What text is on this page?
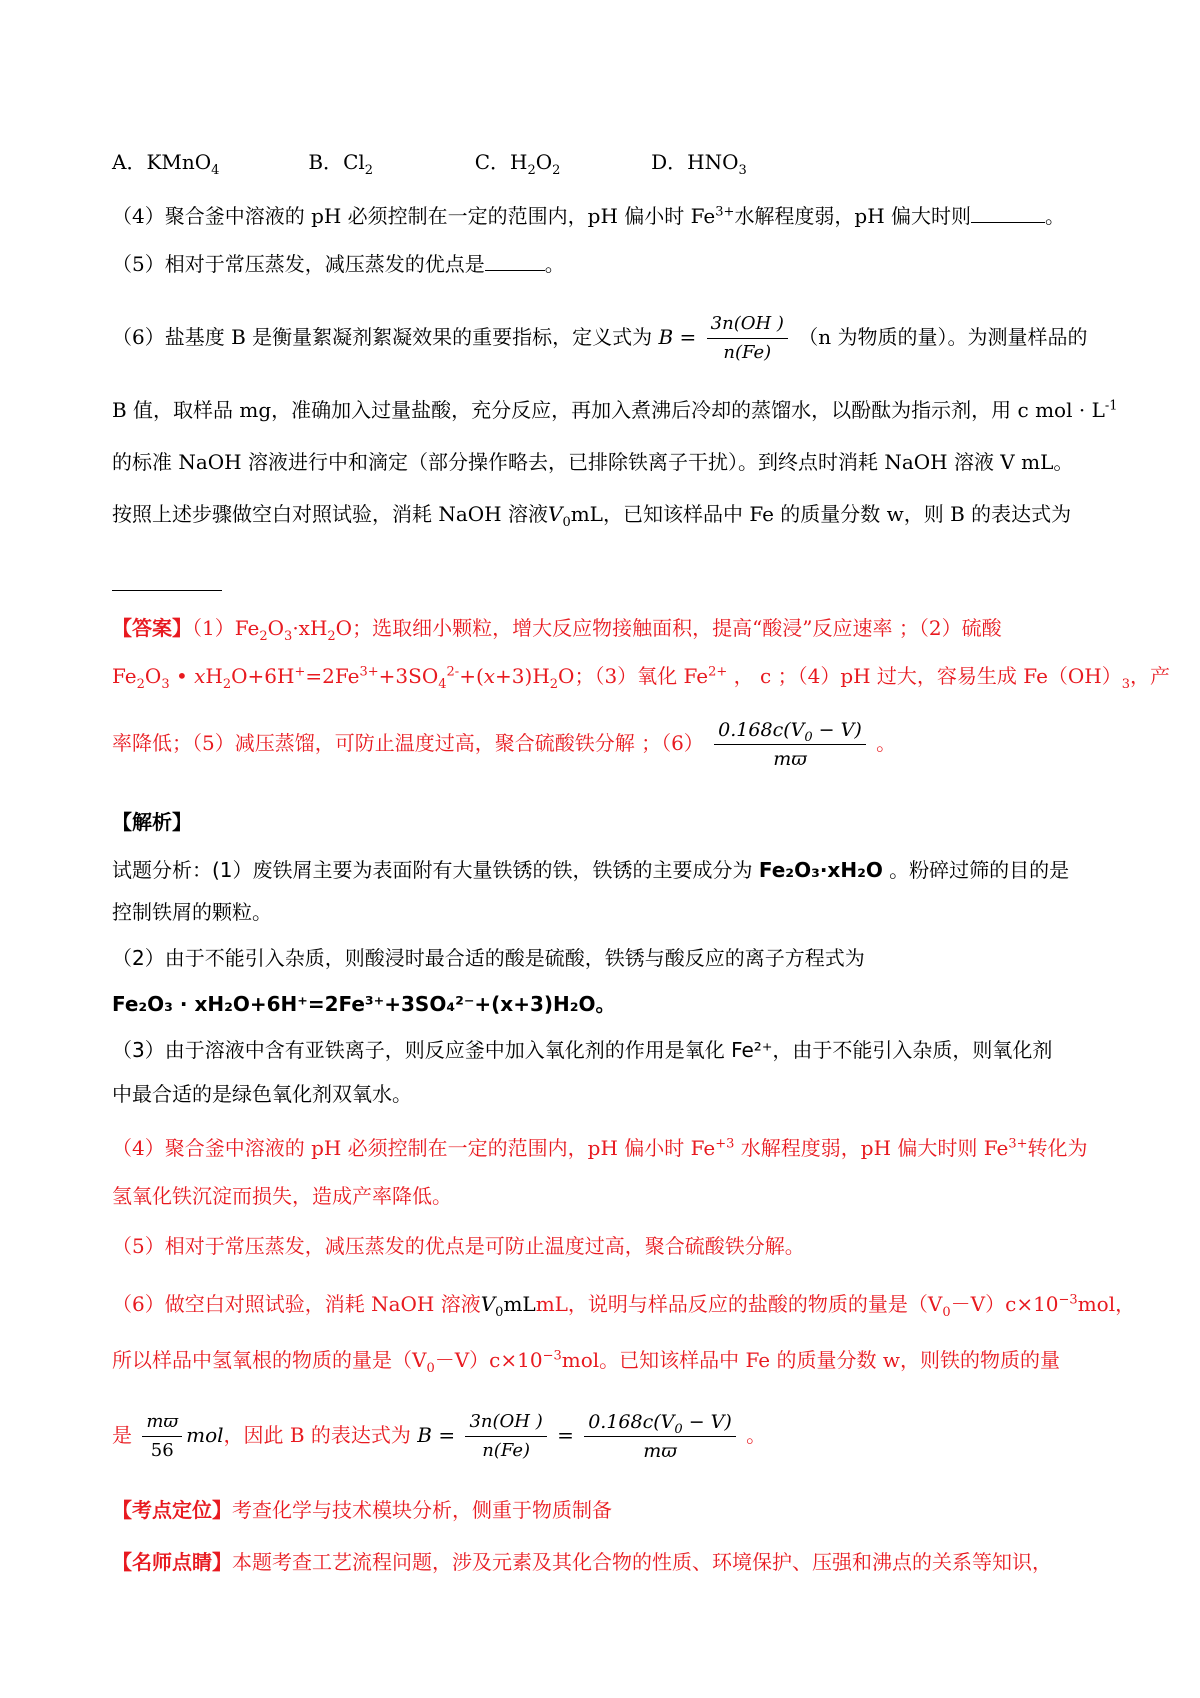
A．KMnO$_4$	B．$Cl_2$	C．$H_2O_2$	D．$HNO_3$
（4）聚合釜中溶液的 pH 必须控制在一定的范围内，pH 偏小时 $Fe^{3+}$水解程度弱，pH 偏大时则	。
（5）相对于常压蒸发，减压蒸发的优点是	。
（6）盐基度 B 是衡量絮凝剂絮凝效果的重要指标，定义式为 $B = \frac{3n(OH )}{n(Fe)} (n$ 为物质的量）。为测量样品的
B 值，取样品 mg，准确加入过量盐酸，充分反应，再加入煮沸后冷却的蒸馏水，以酚酞为指示剂，用 c mol · $L^{-1}$
的标准 NaOH 溶液进行中和滴定（部分操作略去，已排除铁离子干扰）。到终点时消耗 NaOH 溶液 V mL。
按照上述步骤做空白对照试验，消耗 NaOH 溶液$V_0mL$，已知该样品中 Fe 的质量分数 w，则 B 的表达式为
【答案】$(1)Fe_2O_3\cdot xH_2O$；选取细小颗粒，增大反应物接触面积，提高“酸浸”反应速率 ；（2）硫酸
$Fe_2O_3$ • $xH_2O+6H^+=2Fe^{3+}+3SO_4^{2-}+(x+3)H_2O$；（3）氧化 $Fe^{2+}$ ， c ；（4）pH 过大，容易生成 $Fe(OH)_3$，产
率降低；（5）减压蒸馏，可防止温度过高，聚合硫酸铁分解 ；$(6) \frac{0.168c(V_0 - V)}{mϖ}$ 。
【解析】
试题分析：(1）废铁屑主要为表面附有大量铁锈的铁，铁锈的主要成分为 Fe₂O₃·xH₂O 。粉碎过筛的目的是
控制铁屑的颗粒。
（2）由于不能引入杂质，则酸浸时最合适的酸是硫酸，铁锈与酸反应的离子方程式为
Fe₂O₃ · xH₂O+6H⁺=2Fe³⁺+3SO₄²⁻+(x+3)H₂O。
（3）由于溶液中含有亚铁离子，则反应釜中加入氧化剂的作用是氧化 Fe²⁺，由于不能引入杂质，则氧化剂
中最合适的是绿色氧化剂双氧水。
（4）聚合釜中溶液的 pH 必须控制在一定的范围内，pH 偏小时 $Fe^{+3}$ 水解程度弱，pH 偏大时则 $Fe^{3+}$转化为
氢氧化铁沉淀而损失，造成产率降低。
（5）相对于常压蒸发，减压蒸发的优点是可防止温度过高，聚合硫酸铁分解。
（6）做空白对照试验，消耗 NaOH 溶液$V_0mLmL$，说明与样品反应的盐酸的物质的量是$(V_0-V)c\times 10^{-3}mol$，
所以样品中氢氧根的物质的量是$(V_0-V)c\times 10^{-3}mol$。已知该样品中 Fe 的质量分数 w，则铁的物质的量
是 $\frac{mϖ}{56}$ mol，因此 B 的表达式为 $B = \frac{3n(OH )}{n(Fe)} = \frac{0.168c(V_0 - V)}{mϖ}$ 。
【考点定位】考查化学与技术模块分析，侧重于物质制备
【名师点睛】本题考查工艺流程问题，涉及元素及其化合物的性质、环境保护、压强和沸点的关系等知识，
